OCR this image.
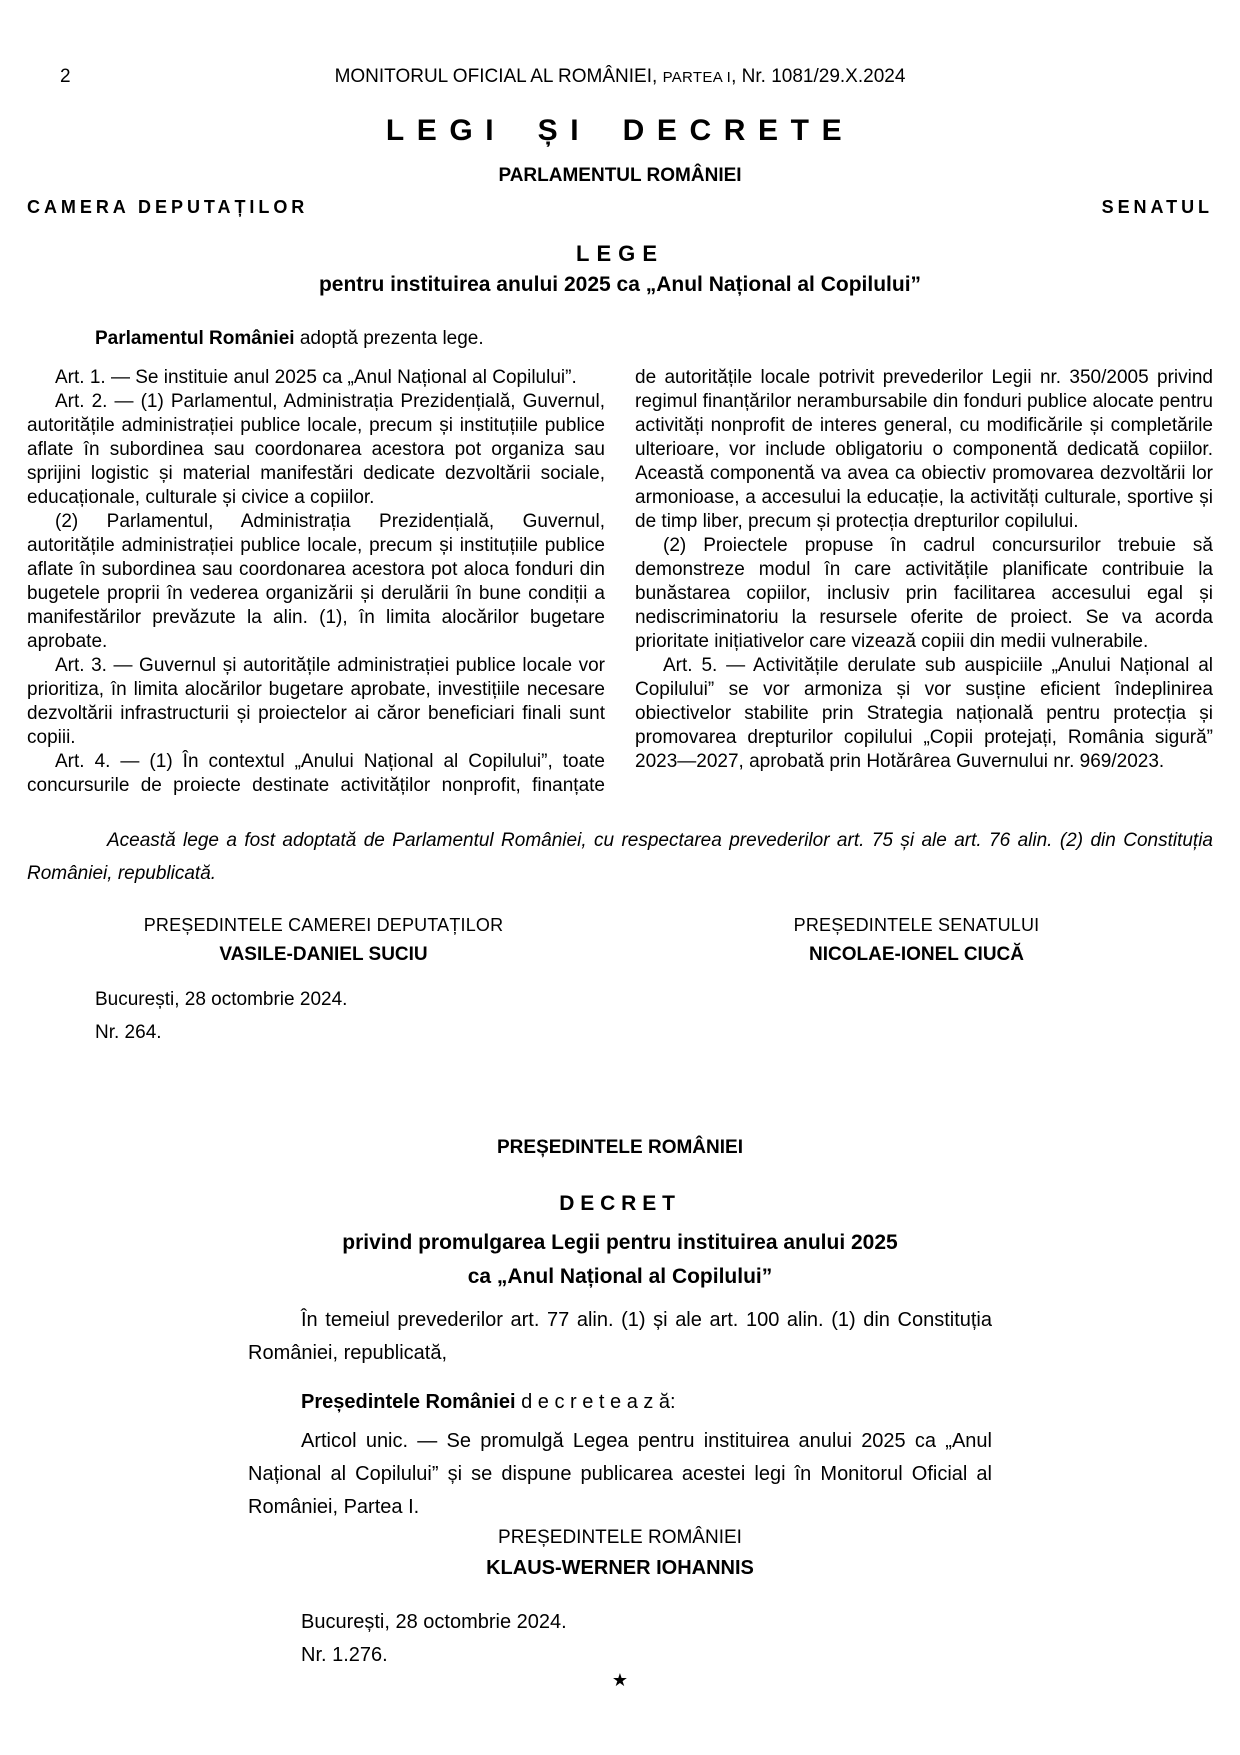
2	MONITORUL OFICIAL AL ROMÂNIEI, PARTEA I, Nr. 1081/29.X.2024
LEGI ȘI DECRETE
PARLAMENTUL ROMÂNIEI
CAMERA DEPUTAȚILOR	SENATUL
LEGE
pentru instituirea anului 2025 ca „Anul Național al Copilului”

Parlamentul României adoptă prezenta lege.

Art. 1. — Se instituie anul 2025 ca „Anul Național al Copilului”.

Art. 2. — (1) Parlamentul, Administrația Prezidențială, Guvernul, autoritățile administrației publice locale, precum și instituțiile publice aflate în subordinea sau coordonarea acestora pot organiza sau sprijini logistic și material manifestări dedicate dezvoltării sociale, educaționale, culturale și civice a copiilor.

(2) Parlamentul, Administrația Prezidențială, Guvernul, autoritățile administrației publice locale, precum și instituțiile publice aflate în subordinea sau coordonarea acestora pot aloca fonduri din bugetele proprii în vederea organizării și derulării în bune condiții a manifestărilor prevăzute la alin. (1), în limita alocărilor bugetare aprobate.

Art. 3. — Guvernul și autoritățile administrației publice locale vor prioritiza, în limita alocărilor bugetare aprobate, investițiile necesare dezvoltării infrastructurii și proiectelor ai căror beneficiari finali sunt copiii.

Art. 4. — (1) În contextul „Anului Național al Copilului”, toate concursurile de proiecte destinate activităților nonprofit, finanțate

de autoritățile locale potrivit prevederilor Legii nr. 350/2005 privind regimul finanțărilor nerambursabile din fonduri publice alocate pentru activități nonprofit de interes general, cu modificările și completările ulterioare, vor include obligatoriu o componentă dedicată copiilor. Această componentă va avea ca obiectiv promovarea dezvoltării lor armonioase, a accesului la educație, la activități culturale, sportive și de timp liber, precum și protecția drepturilor copilului.

(2) Proiectele propuse în cadrul concursurilor trebuie să demonstreze modul în care activitățile planificate contribuie la bunăstarea copiilor, inclusiv prin facilitarea accesului egal și nediscriminatoriu la resursele oferite de proiect. Se va acorda prioritate inițiativelor care vizează copiii din medii vulnerabile.

Art. 5. — Activitățile derulate sub auspiciile „Anului Național al Copilului” se vor armoniza și vor susține eficient îndeplinirea obiectivelor stabilite prin Strategia națională pentru protecția și promovarea drepturilor copilului „Copii protejați, România sigură” 2023—2027, aprobată prin Hotărârea Guvernului nr. 969/2023.

Această lege a fost adoptată de Parlamentul României, cu respectarea prevederilor art. 75 și ale art. 76 alin. (2) din Constituția României, republicată.

PREȘEDINTELE CAMEREI DEPUTAȚILOR
VASILE-DANIEL SUCIU
PREȘEDINTELE SENATULUI
NICOLAE-IONEL CIUCĂ

București, 28 octombrie 2024.

Nr. 264.

PREȘEDINTELE ROMÂNIEI
DECRET
privind promulgarea Legii pentru instituirea anului 2025
ca „Anul Național al Copilului”

În temeiul prevederilor art. 77 alin. (1) și ale art. 100 alin. (1) din Constituția României, republicată,

Președintele României d e c r e t e a z ă:

Articol unic. — Se promulgă Legea pentru instituirea anului 2025 ca „Anul Național al Copilului” și se dispune publicarea acestei legi în Monitorul Oficial al României, Partea I.

PREȘEDINTELE ROMÂNIEI
KLAUS-WERNER IOHANNIS

București, 28 octombrie 2024.

Nr. 1.276.

★
